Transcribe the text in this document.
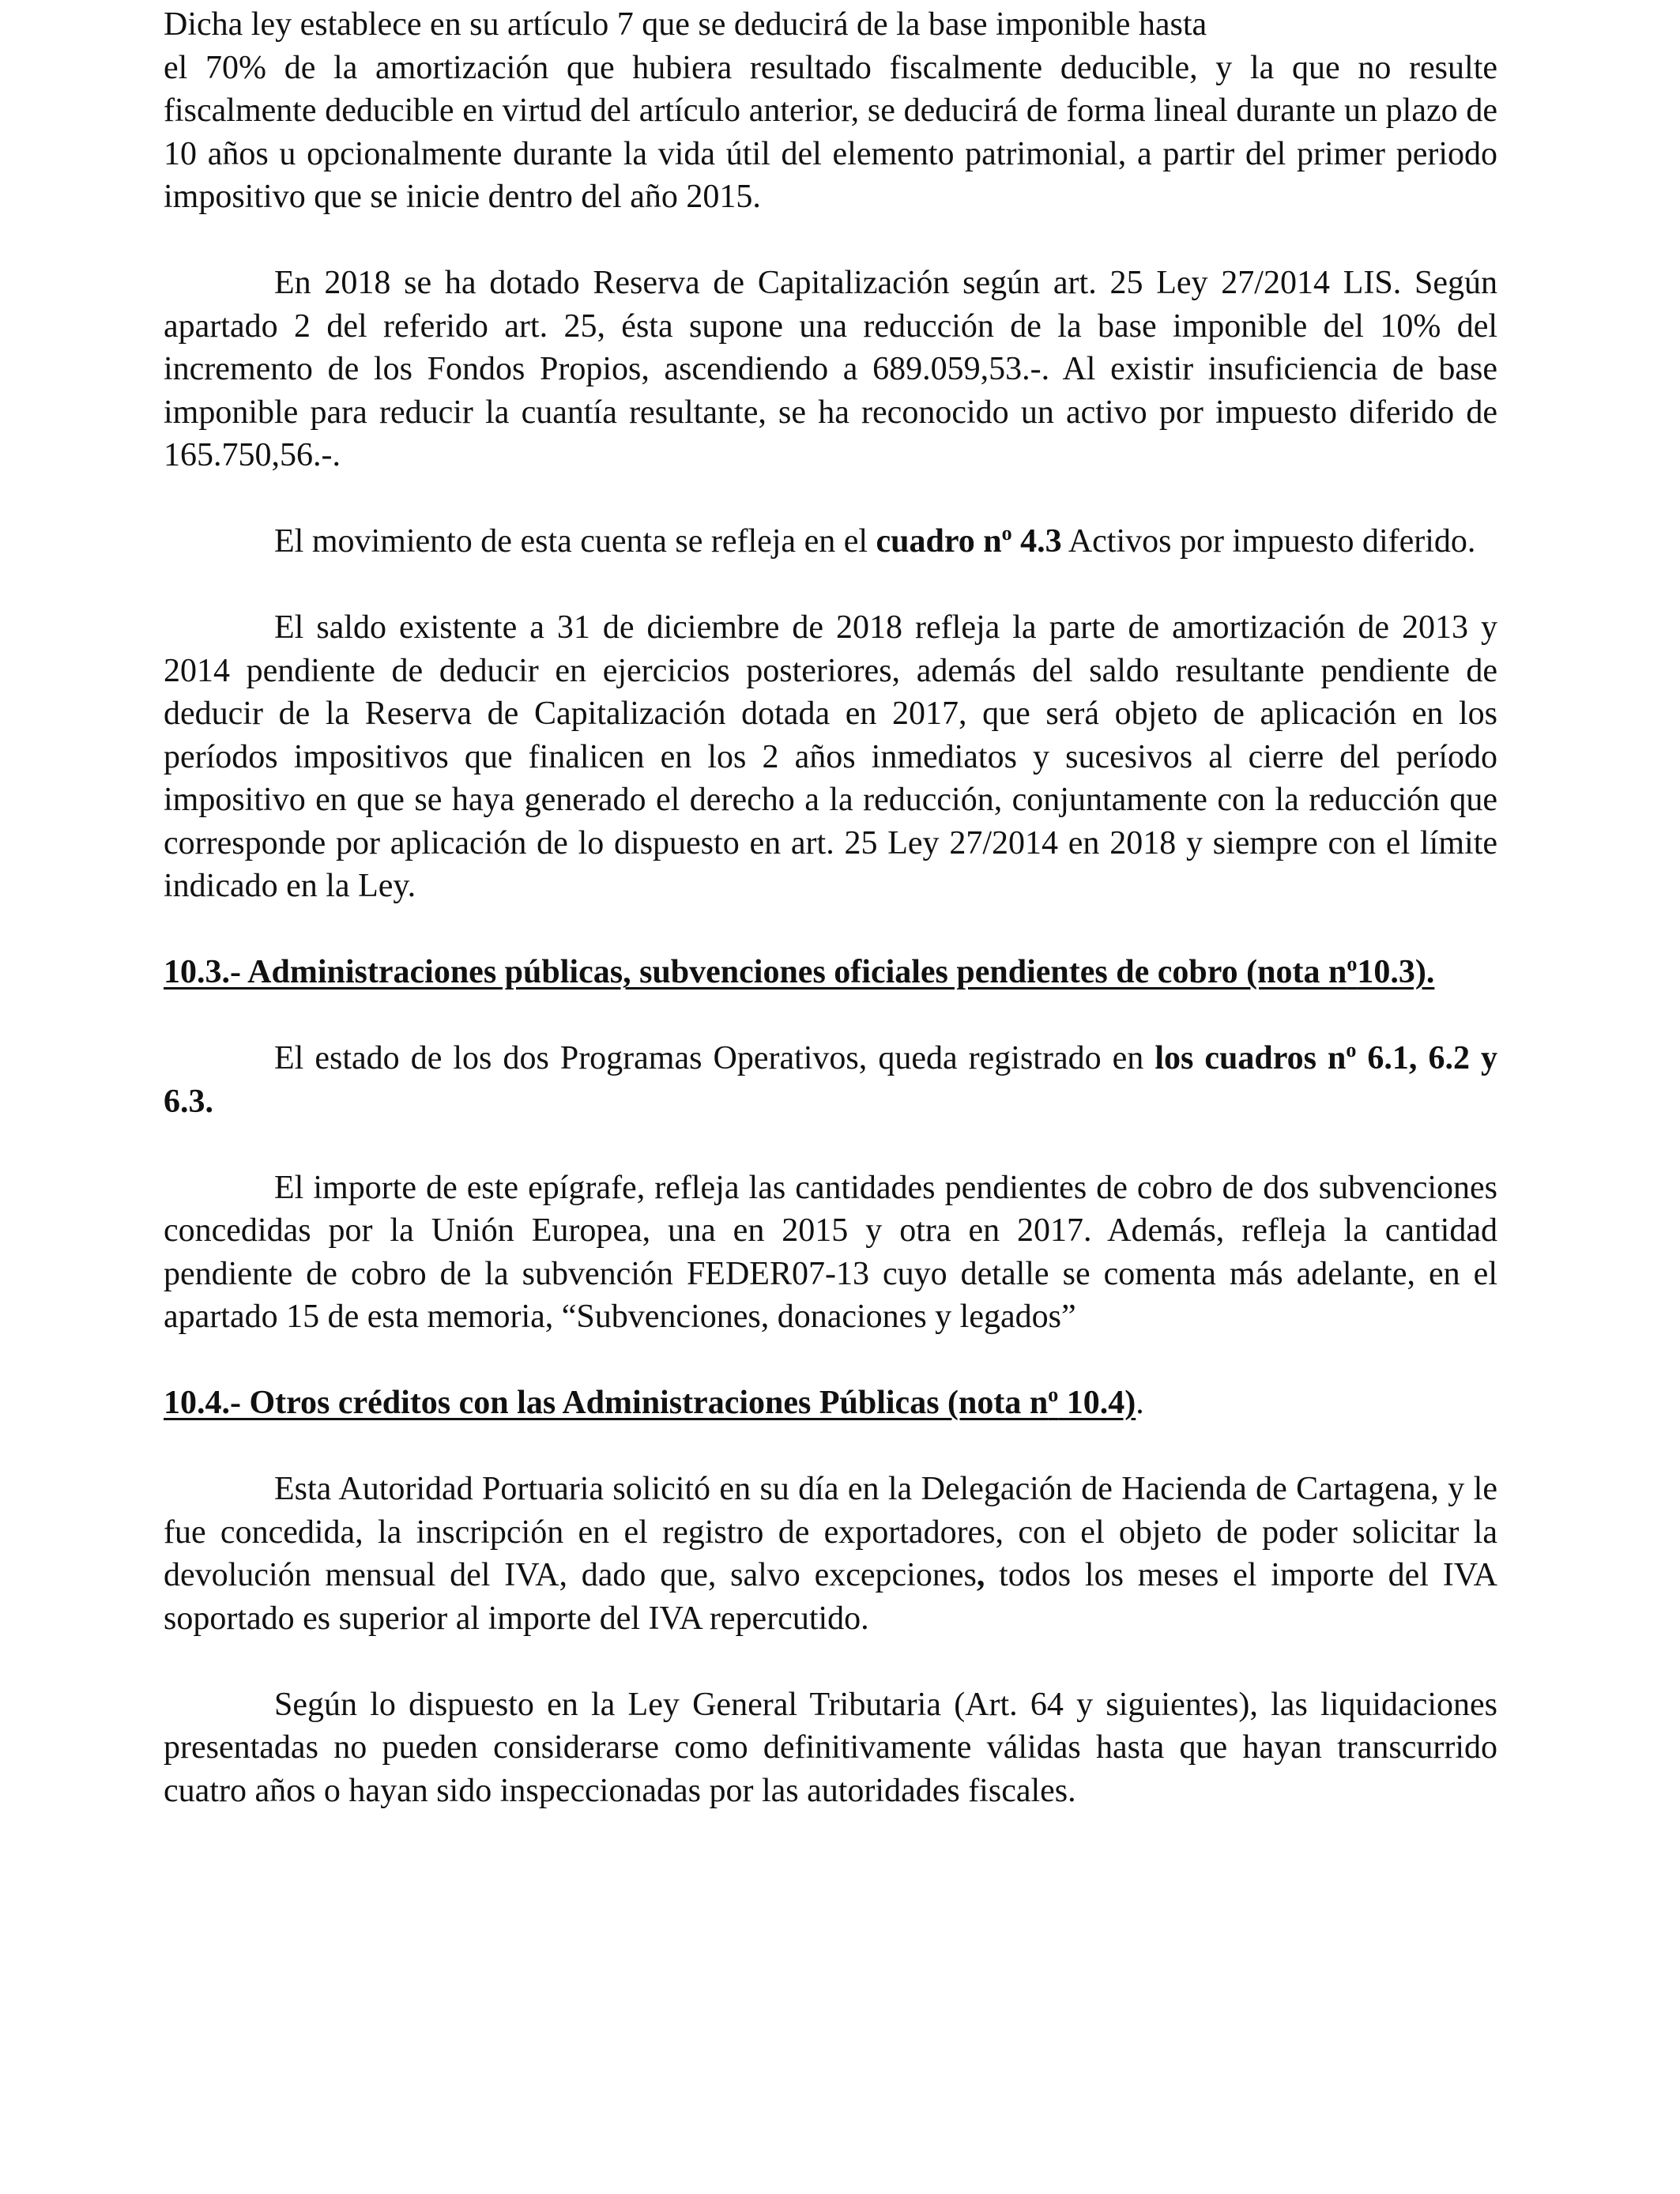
Dicha ley establece en su artículo 7 que se deducirá de la base imponible hasta

el 70% de la amortización que hubiera resultado fiscalmente deducible, y la que no resulte fiscalmente deducible en virtud del artículo anterior, se deducirá de forma lineal durante un plazo de 10 años u opcionalmente durante la vida útil del elemento patrimonial, a partir del primer periodo impositivo que se inicie dentro del año 2015.

En 2018 se ha dotado Reserva de Capitalización según art. 25 Ley 27/2014 LIS. Según apartado 2 del referido art. 25, ésta supone una reducción de la base imponible del 10% del incremento de los Fondos Propios, ascendiendo a 689.059,53.-. Al existir insuficiencia de base imponible para reducir la cuantía resultante, se ha reconocido un activo por impuesto diferido de 165.750,56.-.

El movimiento de esta cuenta se refleja en el cuadro $n^o$ 4.3 Activos por impuesto diferido.

El saldo existente a 31 de diciembre de 2018 refleja la parte de amortización de 2013 y 2014 pendiente de deducir en ejercicios posteriores, además del saldo resultante pendiente de deducir de la Reserva de Capitalización dotada en 2017, que será objeto de aplicación en los períodos impositivos que finalicen en los 2 años inmediatos y sucesivos al cierre del período impositivo en que se haya generado el derecho a la reducción, conjuntamente con la reducción que corresponde por aplicación de lo dispuesto en art. 25 Ley 27/2014 en 2018 y siempre con el límite indicado en la Ley.

10.3.- Administraciones públicas, subvenciones oficiales pendientes de cobro (nota $n^o10.3$).

El estado de los dos Programas Operativos, queda registrado en los cuadros $n^o$ 6.1, 6.2 y 6.3.

El importe de este epígrafe, refleja las cantidades pendientes de cobro de dos subvenciones concedidas por la Unión Europea, una en 2015 y otra en 2017. Además, refleja la cantidad pendiente de cobro de la subvención FEDER07-13 cuyo detalle se comenta más adelante, en el apartado 15 de esta memoria, “Subvenciones, donaciones y legados”

10.4.- Otros créditos con las Administraciones Públicas (nota $n^o$ 10.4).

Esta Autoridad Portuaria solicitó en su día en la Delegación de Hacienda de Cartagena, y le fue concedida, la inscripción en el registro de exportadores, con el objeto de poder solicitar la devolución mensual del IVA, dado que, salvo excepciones, todos los meses el importe del IVA soportado es superior al importe del IVA repercutido.

Según lo dispuesto en la Ley General Tributaria (Art. 64 y siguientes), las liquidaciones presentadas no pueden considerarse como definitivamente válidas hasta que hayan transcurrido cuatro años o hayan sido inspeccionadas por las autoridades fiscales.
